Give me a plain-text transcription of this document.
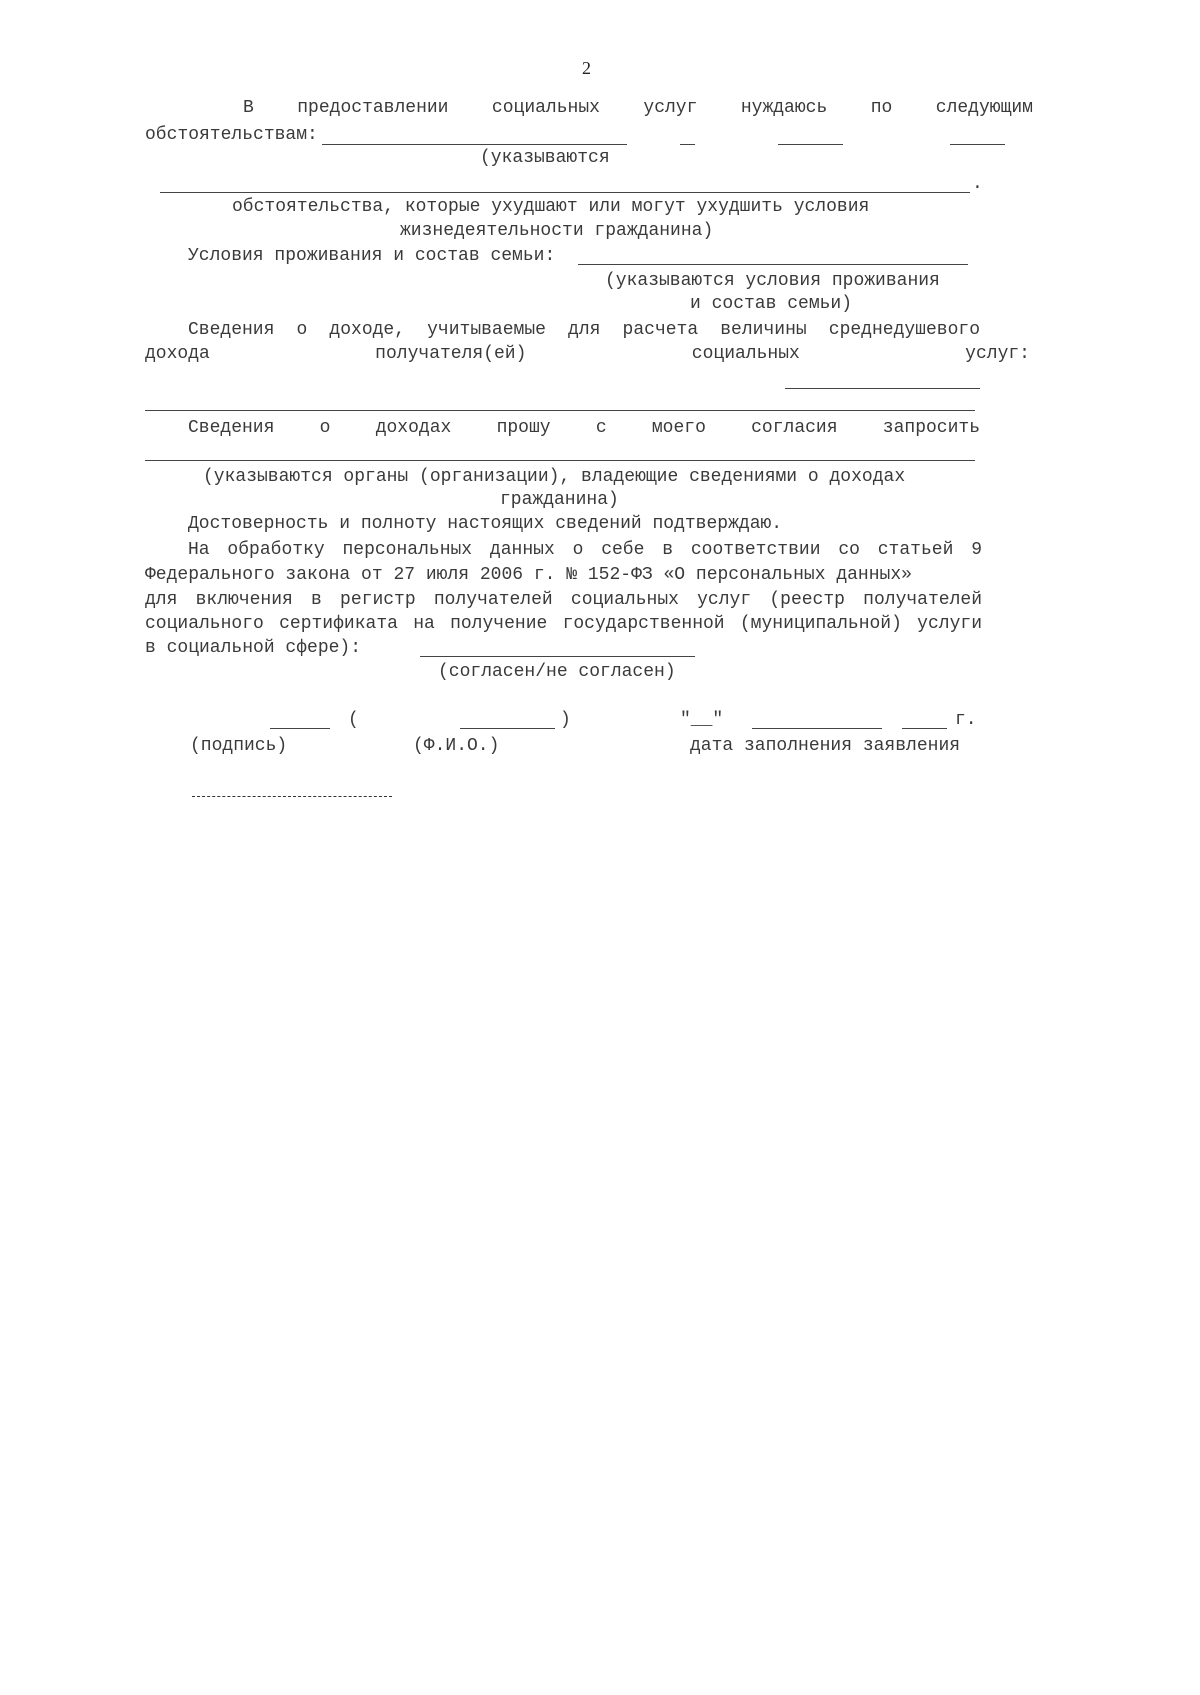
2
В предоставлении социальных услуг нуждаюсь по следующим
обстоятельствам:
(указываются
.
обстоятельства, которые ухудшают или могут ухудшить условия
жизнедеятельности гражданина)
Условия проживания и состав семьи:
(указываются условия проживания
и состав семьи)
Сведения о доходе, учитываемые для расчета величины среднедушевого
дохода получателя(ей) социальных услуг:
Сведения о доходах прошу с моего согласия запросить
(указываются органы (организации), владеющие сведениями о доходах
гражданина)
Достоверность и полноту настоящих сведений подтверждаю.
На обработку персональных данных о себе в соответствии со статьей 9
Федерального закона от 27 июля 2006 г. № 152-ФЗ «О персональных данных»
для включения в регистр получателей социальных услуг (реестр получателей
социального сертификата на получение государственной (муниципальной) услуги
в социальной сфере):
(согласен/не согласен)
(	)	"__"	г.
(подпись)	(Ф.И.О.)	дата заполнения заявления
